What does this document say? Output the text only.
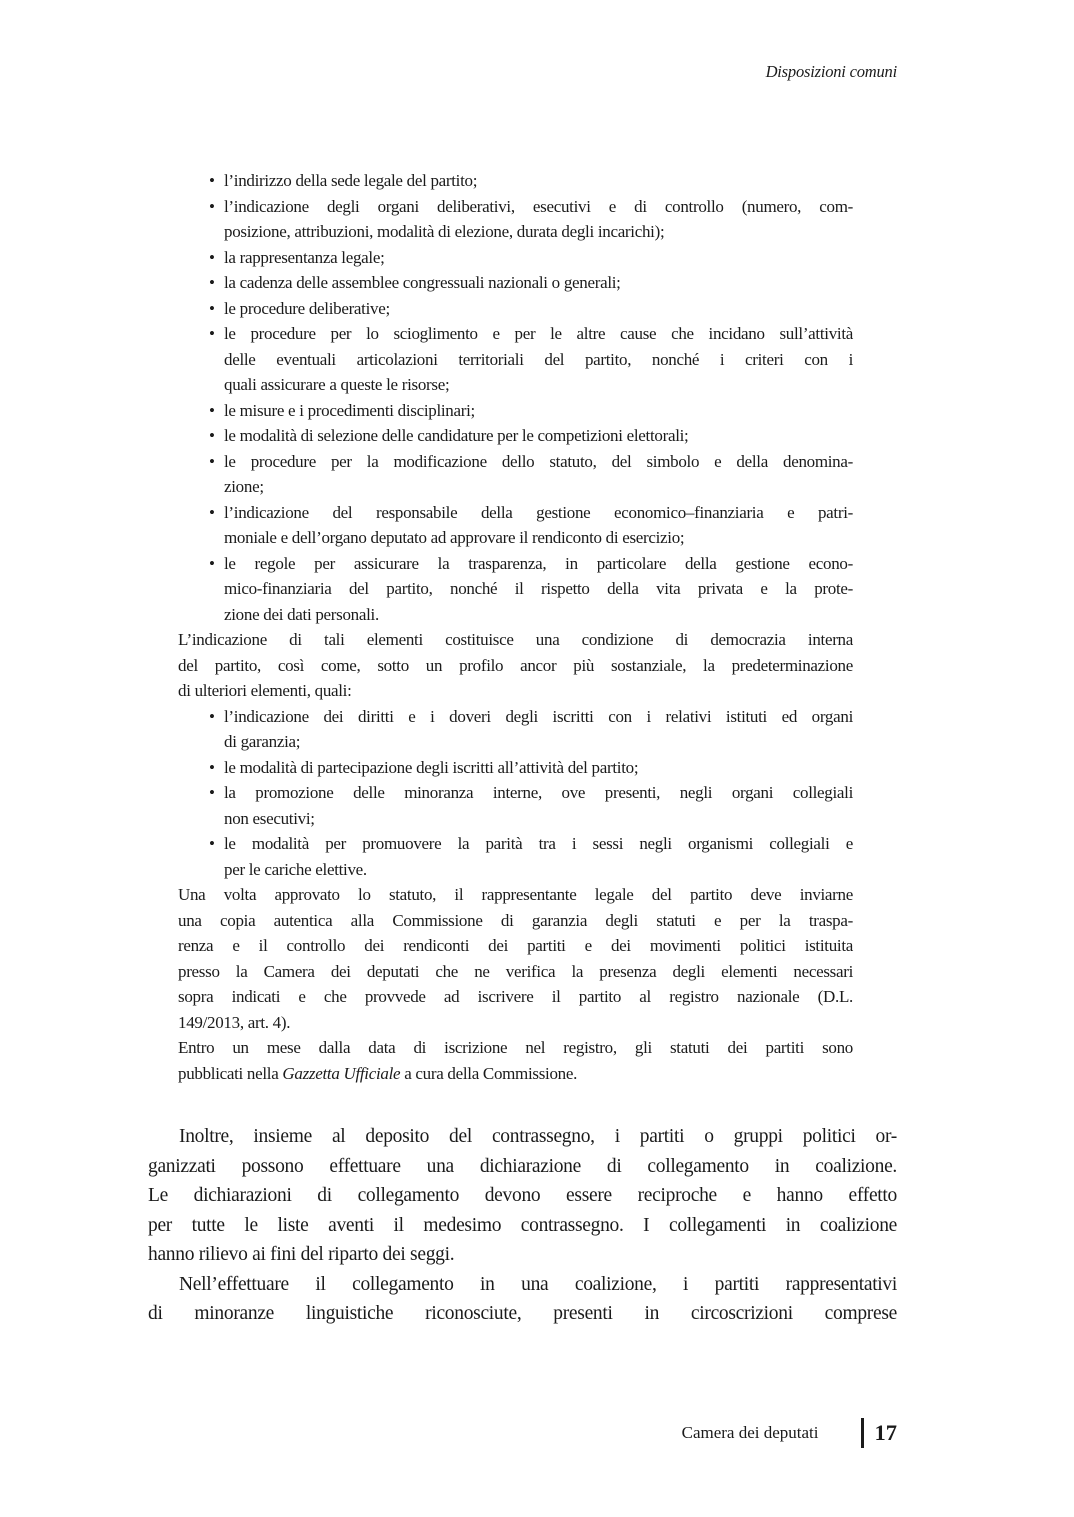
Disposizioni comuni
• l’indirizzo della sede legale del partito;
• l’indicazione degli organi deliberativi, esecutivi e di controllo (numero, com-
posizione, attribuzioni, modalità di elezione, durata degli incarichi);
• la rappresentanza legale;
• la cadenza delle assemblee congressuali nazionali o generali;
• le procedure deliberative;
• le procedure per lo scioglimento e per le altre cause che incidano sull’attività
delle eventuali articolazioni territoriali del partito, nonché i criteri con i
quali assicurare a queste le risorse;
• le misure e i procedimenti disciplinari;
• le modalità di selezione delle candidature per le competizioni elettorali;
• le procedure per la modificazione dello statuto, del simbolo e della denomina-
zione;
• l’indicazione del responsabile della gestione economico–finanziaria e patri-
moniale e dell’organo deputato ad approvare il rendiconto di esercizio;
• le regole per assicurare la trasparenza, in particolare della gestione econo-
mico-finanziaria del partito, nonché il rispetto della vita privata e la prote-
zione dei dati personali.
L’indicazione di tali elementi costituisce una condizione di democrazia interna
del partito, così come, sotto un profilo ancor più sostanziale, la predeterminazione
di ulteriori elementi, quali:
• l’indicazione dei diritti e i doveri degli iscritti con i relativi istituti ed organi
di garanzia;
• le modalità di partecipazione degli iscritti all’attività del partito;
• la promozione delle minoranza interne, ove presenti, negli organi collegiali
non esecutivi;
• le modalità per promuovere la parità tra i sessi negli organismi collegiali e
per le cariche elettive.
Una volta approvato lo statuto, il rappresentante legale del partito deve inviarne
una copia autentica alla Commissione di garanzia degli statuti e per la traspa-
renza e il controllo dei rendiconti dei partiti e dei movimenti politici istituita
presso la Camera dei deputati che ne verifica la presenza degli elementi necessari
sopra indicati e che provvede ad iscrivere il partito al registro nazionale (D.L.
149/2013, art. 4).
Entro un mese dalla data di iscrizione nel registro, gli statuti dei partiti sono
pubblicati nella Gazzetta Ufficiale a cura della Commissione.
Inoltre, insieme al deposito del contrassegno, i partiti o gruppi politici or-
ganizzati possono effettuare una dichiarazione di collegamento in coalizione.
Le dichiarazioni di collegamento devono essere reciproche e hanno effetto
per tutte le liste aventi il medesimo contrassegno. I collegamenti in coalizione
hanno rilievo ai fini del riparto dei seggi.
Nell’effettuare il collegamento in una coalizione, i partiti rappresentativi
di minoranze linguistiche riconosciute, presenti in circoscrizioni comprese
Camera dei deputati 17
